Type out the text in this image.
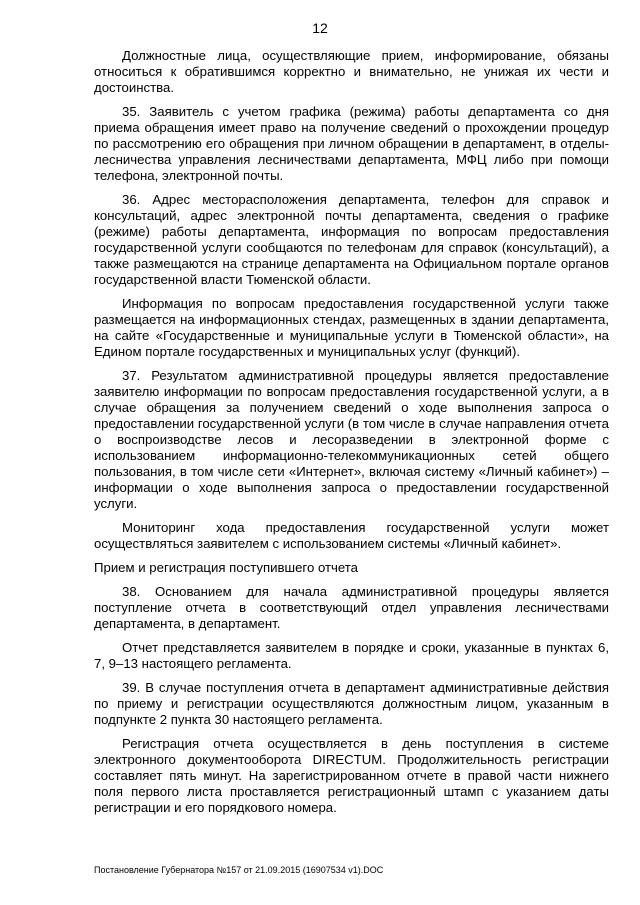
12

Должностные лица, осуществляющие прием, информирование, обязаны относиться к обратившимся корректно и внимательно, не унижая их чести и достоинства.

35. Заявитель с учетом графика (режима) работы департамента со дня приема обращения имеет право на получение сведений о прохождении процедур по рассмотрению его обращения при личном обращении в департамент, в отделы-лесничества управления лесничествами департамента, МФЦ либо при помощи телефона, электронной почты.

36. Адрес месторасположения департамента, телефон для справок и консультаций, адрес электронной почты департамента, сведения о графике (режиме) работы департамента, информация по вопросам предоставления государственной услуги сообщаются по телефонам для справок (консультаций), а также размещаются на странице департамента на Официальном портале органов государственной власти Тюменской области.

Информация по вопросам предоставления государственной услуги также размещается на информационных стендах, размещенных в здании департамента, на сайте «Государственные и муниципальные услуги в Тюменской области», на Едином портале государственных и муниципальных услуг (функций).

37. Результатом административной процедуры является предоставление заявителю информации по вопросам предоставления государственной услуги, а в случае обращения за получением сведений о ходе выполнения запроса о предоставлении государственной услуги (в том числе в случае направления отчета о воспроизводстве лесов и лесоразведении в электронной форме с использованием информационно-телекоммуникационных сетей общего пользования, в том числе сети «Интернет», включая систему «Личный кабинет») – информации о ходе выполнения запроса о предоставлении государственной услуги.

Мониторинг хода предоставления государственной услуги может осуществляться заявителем с использованием системы «Личный кабинет».

Прием и регистрация поступившего отчета

38. Основанием для начала административной процедуры является поступление отчета в соответствующий отдел управления лесничествами департамента, в департамент.

Отчет представляется заявителем в порядке и сроки, указанные в пунктах 6, 7, 9–13 настоящего регламента.

39. В случае поступления отчета в департамент административные действия по приему и регистрации осуществляются должностным лицом, указанным в подпункте 2 пункта 30 настоящего регламента.

Регистрация отчета осуществляется в день поступления в системе электронного документооборота DIRECTUM. Продолжительность регистрации составляет пять минут. На зарегистрированном отчете в правой части нижнего поля первого листа проставляется регистрационный штамп с указанием даты регистрации и его порядкового номера.

Постановление Губернатора №157 от 21.09.2015 (16907534 v1).DOC
